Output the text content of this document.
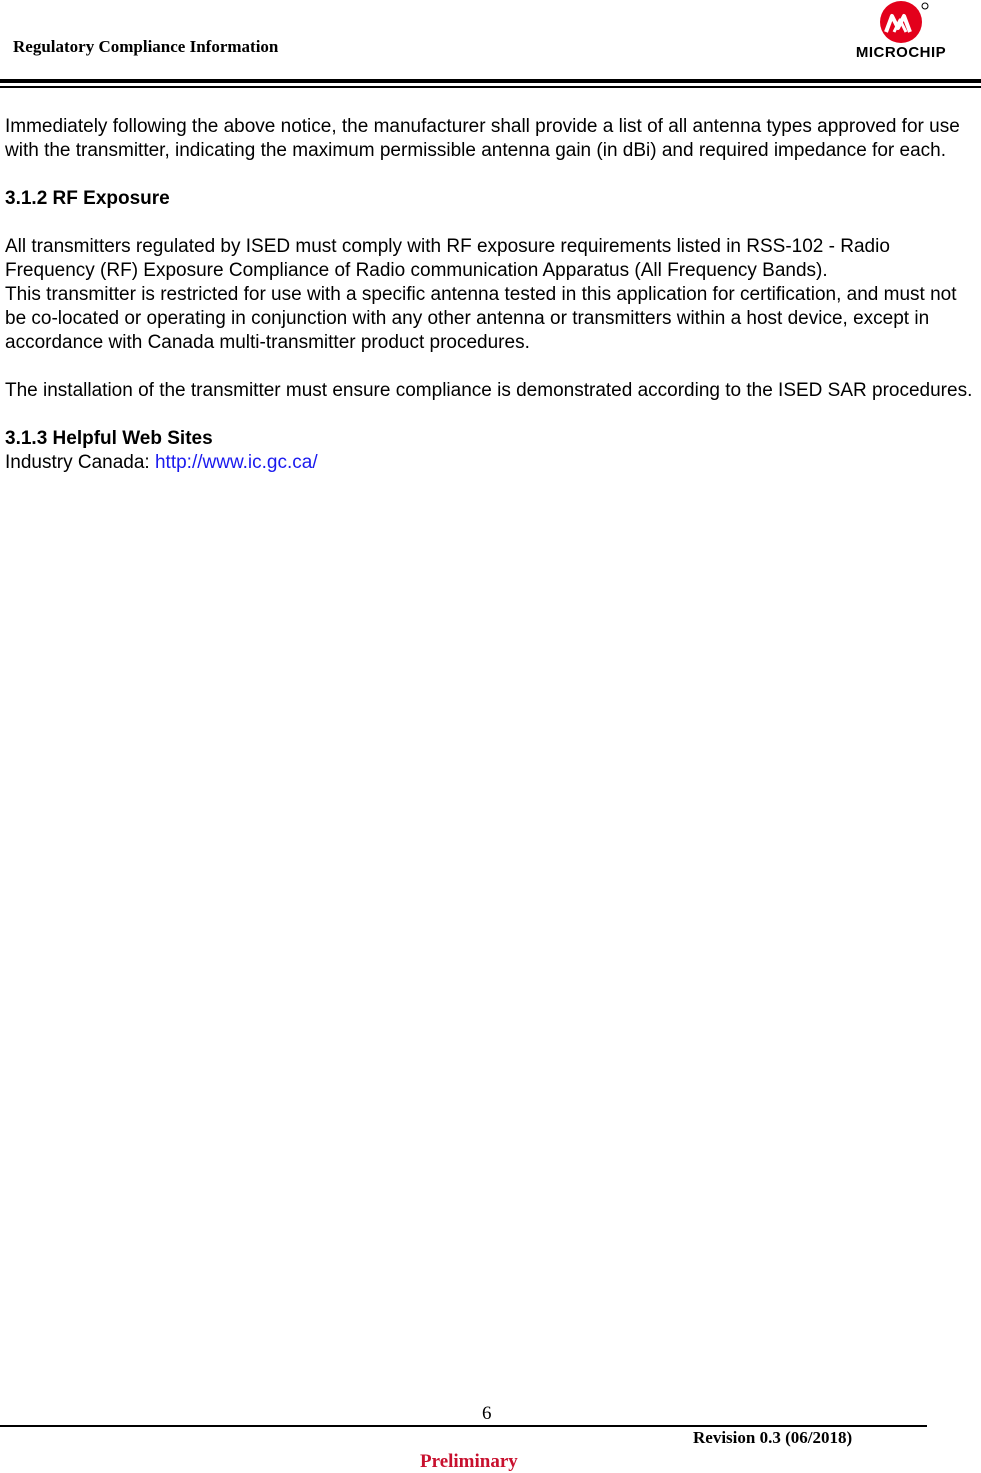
Regulatory Compliance Information	MICROCHIP

Immediately following the above notice, the manufacturer shall provide a list of all antenna types approved for use with the transmitter, indicating the maximum permissible antenna gain (in dBi) and required impedance for each.

3.1.2 RF Exposure
All transmitters regulated by ISED must comply with RF exposure requirements listed in RSS-102 - Radio Frequency (RF) Exposure Compliance of Radio communication Apparatus (All Frequency Bands).
This transmitter is restricted for use with a specific antenna tested in this application for certification, and must not be co-located or operating in conjunction with any other antenna or transmitters within a host device, except in accordance with Canada multi-transmitter product procedures.

The installation of the transmitter must ensure compliance is demonstrated according to the ISED SAR procedures.

3.1.3 Helpful Web Sites
Industry Canada: http://www.ic.gc.ca/
6
Revision 0.3 (06/2018)
Preliminary
